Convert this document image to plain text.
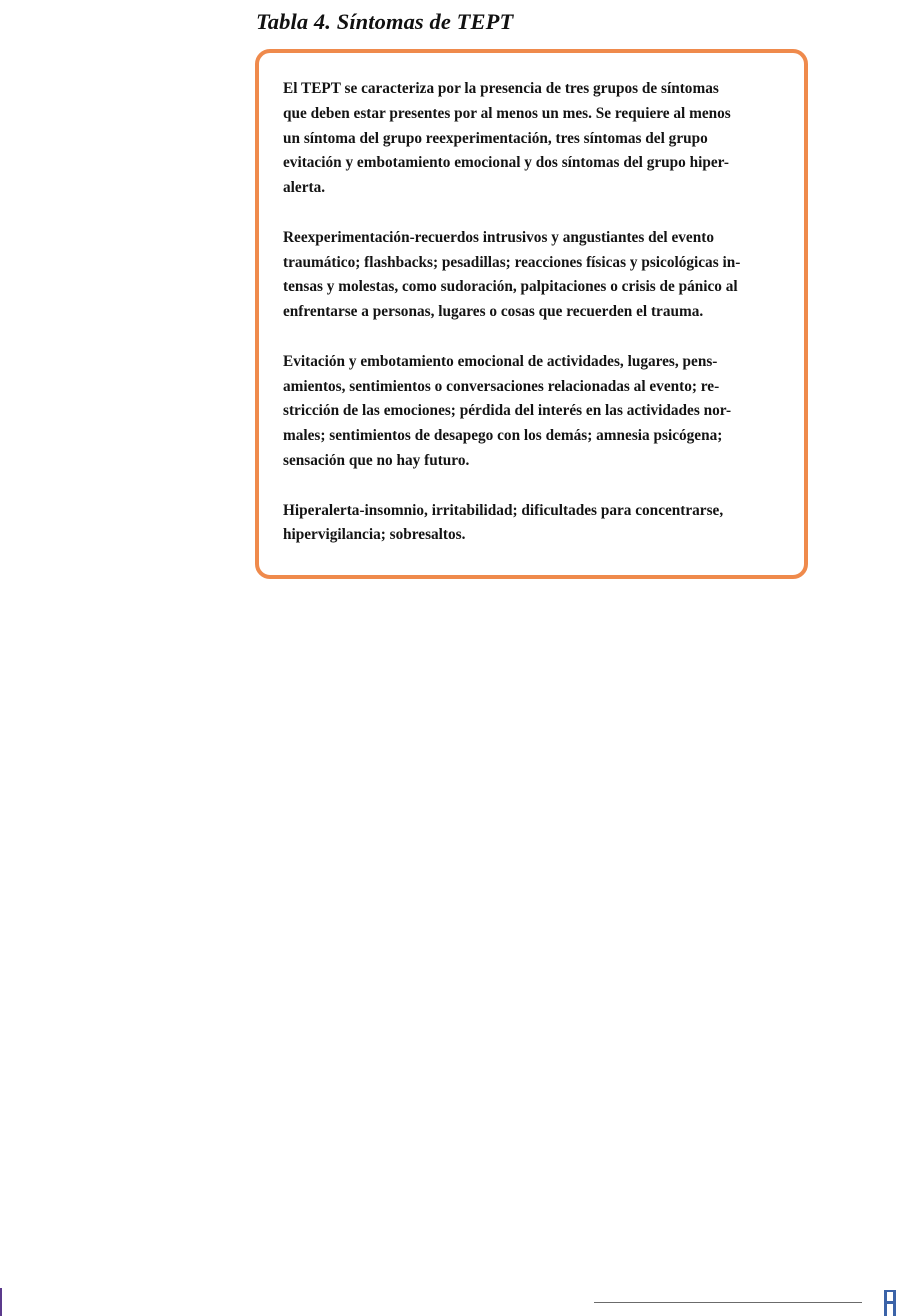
Tabla 4. Síntomas de TEPT

El TEPT se caracteriza por la presencia de tres grupos de síntomas
que deben estar presentes por al menos un mes. Se requiere al menos
un síntoma del grupo reexperimentación, tres síntomas del grupo
evitación y embotamiento emocional y dos síntomas del grupo hiper-
alerta.

Reexperimentación-recuerdos intrusivos y angustiantes del evento
traumático; flashbacks; pesadillas; reacciones físicas y psicológicas in-
tensas y molestas, como sudoración, palpitaciones o crisis de pánico al
enfrentarse a personas, lugares o cosas que recuerden el trauma.

Evitación y embotamiento emocional de actividades, lugares, pens-
amientos, sentimientos o conversaciones relacionadas al evento; re-
stricción de las emociones; pérdida del interés en las actividades nor-
males; sentimientos de desapego con los demás; amnesia psicógena;
sensación que no hay futuro.

Hiperalerta-insomnio, irritabilidad; dificultades para concentrarse,
hipervigilancia; sobresaltos.
